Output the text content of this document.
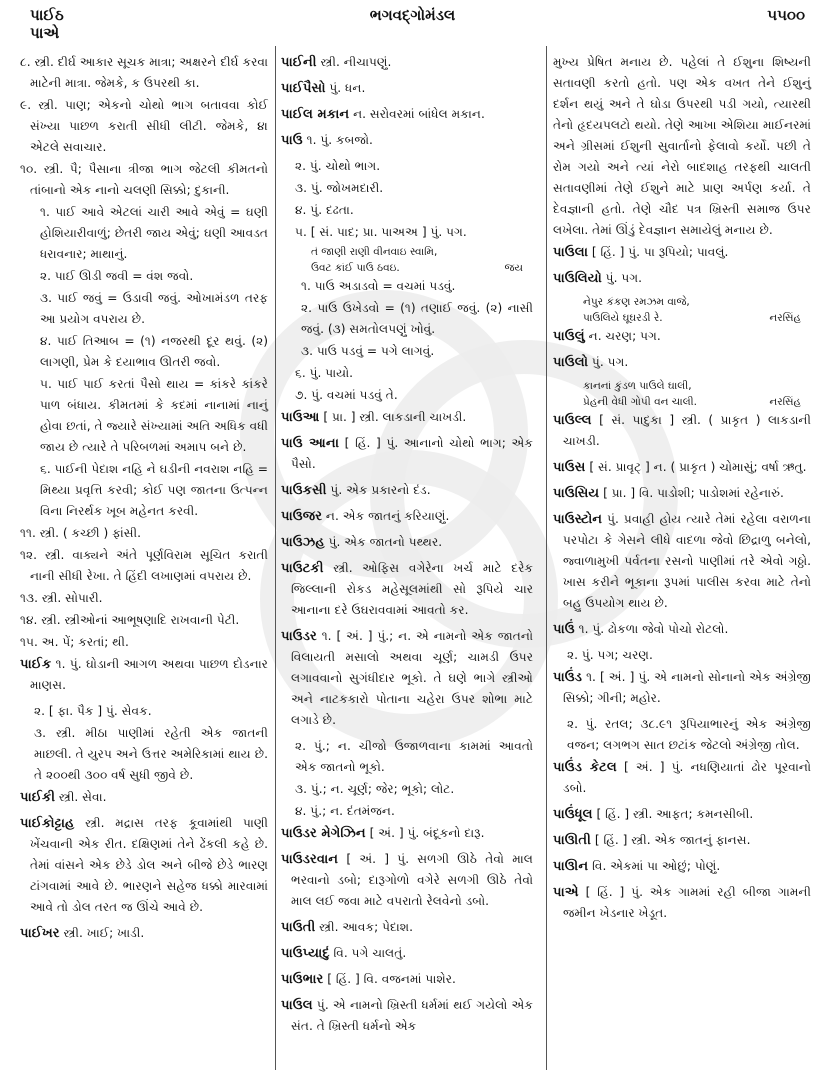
પાઈઠ
પાએ
ભગવદ્ગોમંડલ	૫૫૦૦
૮. સ્ત્રી. દીર્ઘ આકાર સૂચક માત્રા; અક્ષરને દીર્ઘ કરવા માટેની માત્રા. જેમકે, ક ઉપરથી કા.
૯. સ્ત્રી. પાણ; એકનો ચોથો ભાગ બતાવવા કોઈ સંખ્યા પાછળ કરાતી સીધી લીટી. જેમકે, ૪। એટલે સવાચાર.
૧૦. સ્ત્રી. પૈ; પૈસાના ત્રીજા ભાગ જેટલી કીમતનો તાંબાનો એક નાનો ચલણી સિક્કો; દુકાની.
૧. પાઈ આવે એટલાં ચારી આવે એવું = ઘણી હોશિયારીવાળું; છેતરી જાય એવું; ઘણી આવડત ધરાવનાર; માથાનું.
૨. પાઈ ઊડી જવી = વંશ જવો.
૩. પાઈ જવું = ઉડાવી જવું. ઓખામંડળ તરફ આ પ્રયોગ વપરાય છે.
૪. પાઈ તિઆબ = (૧) નજરથી દૂર થવું. (૨) લાગણી, પ્રેમ કે દયાભાવ ઊતરી જવો.
૫. પાઈ પાઈ કરતાં પૈસો થાય = કાંકરે કાંકરે પાળ બંધાય. કીમતમાં કે કદમાં નાનામાં નાનું હોવા છતાં, તે જ્યારે સંખ્યામાં અતિ અધિક વધી જાય છે ત્યારે તે પરિબળમાં અમાપ બને છે.
૬. પાઈની પેદાશ નહિ ને ઘડીની નવરાશ નહિ = મિથ્યા પ્રવૃત્તિ કરવી; કોઈ પણ જાતના ઉત્પન્ન વિના નિરર્થક ખૂબ મહેનત કરવી.
૧૧. સ્ત્રી. ( કચ્છી ) ફાંસી.
૧૨. સ્ત્રી. વાક્યને અંતે પૂર્ણવિરામ સૂચિત કરાતી નાની સીધી રેખા. તે હિંદી લખાણમાં વપરાય છે.
૧૩. સ્ત્રી. સોપારી.
૧૪. સ્ત્રી. સ્ત્રીઓનાં આભૂષણાદિ રાખવાની પેટી.
૧૫. અ. પેં; કરતાં; થી.
પાઈક ૧. પું. ઘોડાની આગળ અથવા પાછળ દોડનાર માણસ.
૨. [ ફા. પૈક ] પું. સેવક.
૩. સ્ત્રી. મીઠા પાણીમાં રહેતી એક જાતની માછલી. તે યુરપ અને ઉત્તર અમેરિકામાં થાય છે. તે ૨૦૦થી ૩૦૦ વર્ષ સુધી જીવે છે.
પાઈકી સ્ત્રી. સેવા.
પાઈકોટ્ટાહ સ્ત્રી. મદ્રાસ તરફ કૂવામાંથી પાણી ખેંચવાની એક રીત. દક્ષિણમાં તેને ઢેંકલી કહે છે. તેમાં વાંસને એક છેડે ડોલ અને બીજે છેડે ભારણ ટાંગવામાં આવે છે. ભારણને સહેજ ધક્કો મારવામાં આવે તો ડોલ તરત જ ઊંચે આવે છે.
પાઈખર સ્ત્રી. ખાઈ; ખાડી.
પાઈની સ્ત્રી. નીચાપણું.
પાઈપૈસો પું. ધન.
પાઈલ મકાન ન. સરોવરમાં બાંધેલ મકાન.
પાઉ ૧. પું. કબજો.
૨. પું. ચોથો ભાગ.
૩. પું. જોખમદારી.
૪. પું. દઢતા.
૫. [ સં. પાદ; પ્રા. પાઅઅ ] પું. પગ.
તં જાણી રાણી વીનવાઇ સ્વામિ,
જય
ઉવટ કાંઈ પાઉ ઠવઇ.
૧. પાઉ અડાડવો = વચમાં પડવું.
૨. પાઉ ઉખેડવો = (૧) તણાઈ જવું. (૨) નાસી જવું. (૩) સમતોલપણું ખોવું.
૩. પાઉ પડવું = પગે લાગવું.
૬. પું. પાયો.
૭. પું. વચમાં પડવું તે.
પાઉઆ [ પ્રા. ] સ્ત્રી. લાકડાની ચાખડી.
પાઉ આના [ હિં. ] પું. આનાનો ચોથો ભાગ; એક પૈસો.
પાઉકસી પું. એક પ્રકારનો દંડ.
પાઉજર ન. એક જાતનું કરિયાણું.
પાઉઝહ પું. એક જાતનો પથ્થર.
પાઉટકી સ્ત્રી. ઓફિસ વગેરેના ખર્ચ માટે દરેક જિલ્લાની રોકડ મહેસૂલમાંથી સો રૂપિયે ચાર આનાના દરે ઉઘરાવવામાં આવતો કર.
પાઉડર ૧. [ અં. ] પું.; ન. એ નામનો એક જાતનો વિલાયતી મસાલો અથવા ચૂર્ણ; ચામડી ઉપર લગાવવાનો સુગંધીદાર ભૂકો. તે ઘણે ભાગે સ્ત્રીઓ અને નાટકકારો પોતાના ચહેરા ઉપર શોભા માટે લગાડે છે.
૨. પું.; ન. ચીજો ઉજાળવાના કામમાં આવતો એક જાતનો ભૂકો.
૩. પું.; ન. ચૂર્ણ; જેર; ભૂકો; લોટ.
૪. પું.; ન. દંતમંજન.
પાઉડર મેગેઝિન [ અં. ] પું. બંદૂકનો દારૂ.
પાઉડરવાન [ અં. ] પું. સળગી ઊઠે તેવો માલ ભરવાનો ડબો; દારૂગોળો વગેરે સળગી ઊઠે તેવો માલ લઈ જવા માટે વપરાતો રેલવેનો ડબો.
પાઉતી સ્ત્રી. આવક; પેદાશ.
પાઉપ્યાદું વિ. પગે ચાલતું.
પાઉભાર [ હિં. ] વિ. વજનમાં પાશેર.
પાઉલ પું. એ નામનો ખ્રિસ્તી ધર્મમાં થઈ ગયેલો એક સંત. તે ખ્રિસ્તી ધર્મનો એક
મુખ્ય પ્રેષિત મનાય છે. પહેલાં તે ઈશુના શિષ્યની સતાવણી કરતો હતો. પણ એક વખત તેને ઈશુનું દર્શન થયું અને તે ઘોડા ઉપરથી પડી ગયો, ત્યારથી તેનો હૃદયપલટો થયો. તેણે આખા એશિયા માઈનરમાં અને ગ્રીસમાં ઈશુની સુવાર્તાનો ફેલાવો કર્યો. પછી તે રોમ ગયો અને ત્યાં નેરો બાદશાહ તરફથી ચાલતી સતાવણીમાં તેણે ઈશુને માટે પ્રાણ અર્પણ કર્યા. તે દેવજ્ઞાની હતો. તેણે ચૌદ પત્ર ખ્રિસ્તી સમાજ ઉપર લખેલા. તેમાં ઊંડું દેવજ્ઞાન સમાયેલું મનાય છે.
પાઉલા [ હિં. ] પું. પા રૂપિયો; પાવલું.
પાઉલિયો પું. પગ.
નેપુર કંકણ રમઝમ વાજે,
નરસિંહ
પાઉલિયે ઘૂઘરડી રે.
પાઉલું ન. ચરણ; પગ.
પાઉલો પું. પગ.
કાનનાં કુંડળ પાઉલે ઘાલી,
નરસિંહ
પ્રેહની વેધી ગોપી વન ચાલી.
પાઉલ્લ [ સં. પાદુકા ] સ્ત્રી. ( પ્રાકૃત ) લાકડાની ચાખડી.
પાઉસ [ સં. પ્રાવૃટ્ ] ન. ( પ્રાકૃત ) ચોમાસું; વર્ષા ઋતુ.
પાઉસિય [ પ્રા. ] વિ. પાડોશી; પાડોશમાં રહેનારું.
પાઉસ્ટોન પું. પ્રવાહી હોય ત્યારે તેમાં રહેલા વરાળના પરપોટા કે ગેસને લીધે વાદળા જેવો છિદ્રાળુ બનેલો, જ્વાળામુખી પર્વતના રસનો પાણીમાં તરે એવો ગઠ્ઠો. ખાસ કરીને ભૂકાના રૂપમાં પાલીસ કરવા માટે તેનો બહુ ઉપયોગ થાય છે.
પાઉં ૧. પું. ઢોકળા જેવો પોચો રોટલો.
૨. પું. પગ; ચરણ.
પાઉંડ ૧. [ અં. ] પું. એ નામનો સોનાનો એક અંગ્રેજી સિક્કો; ગીની; મહોર.
૨. પું. રતલ; ૩૮.૯૧ રૂપિયાભારનું એક અંગ્રેજી વજન; લગભગ સાત છટાંક જેટલો અંગ્રેજી તોલ.
પાઉંડ કેટલ [ અં. ] પું. નધણિયાતાં ઢોર પૂરવાનો ડબો.
પાઉંધૂલ [ હિં. ] સ્ત્રી. આફત; કમનસીબી.
પાઊતી [ હિં. ] સ્ત્રી. એક જાતનું ફાનસ.
પાઊન વિ. એકમાં પા ઓછું; પોણું.
પાએ [ હિં. ] પું. એક ગામમાં રહી બીજા ગામની જમીન ખેડનાર ખેડૂત.
